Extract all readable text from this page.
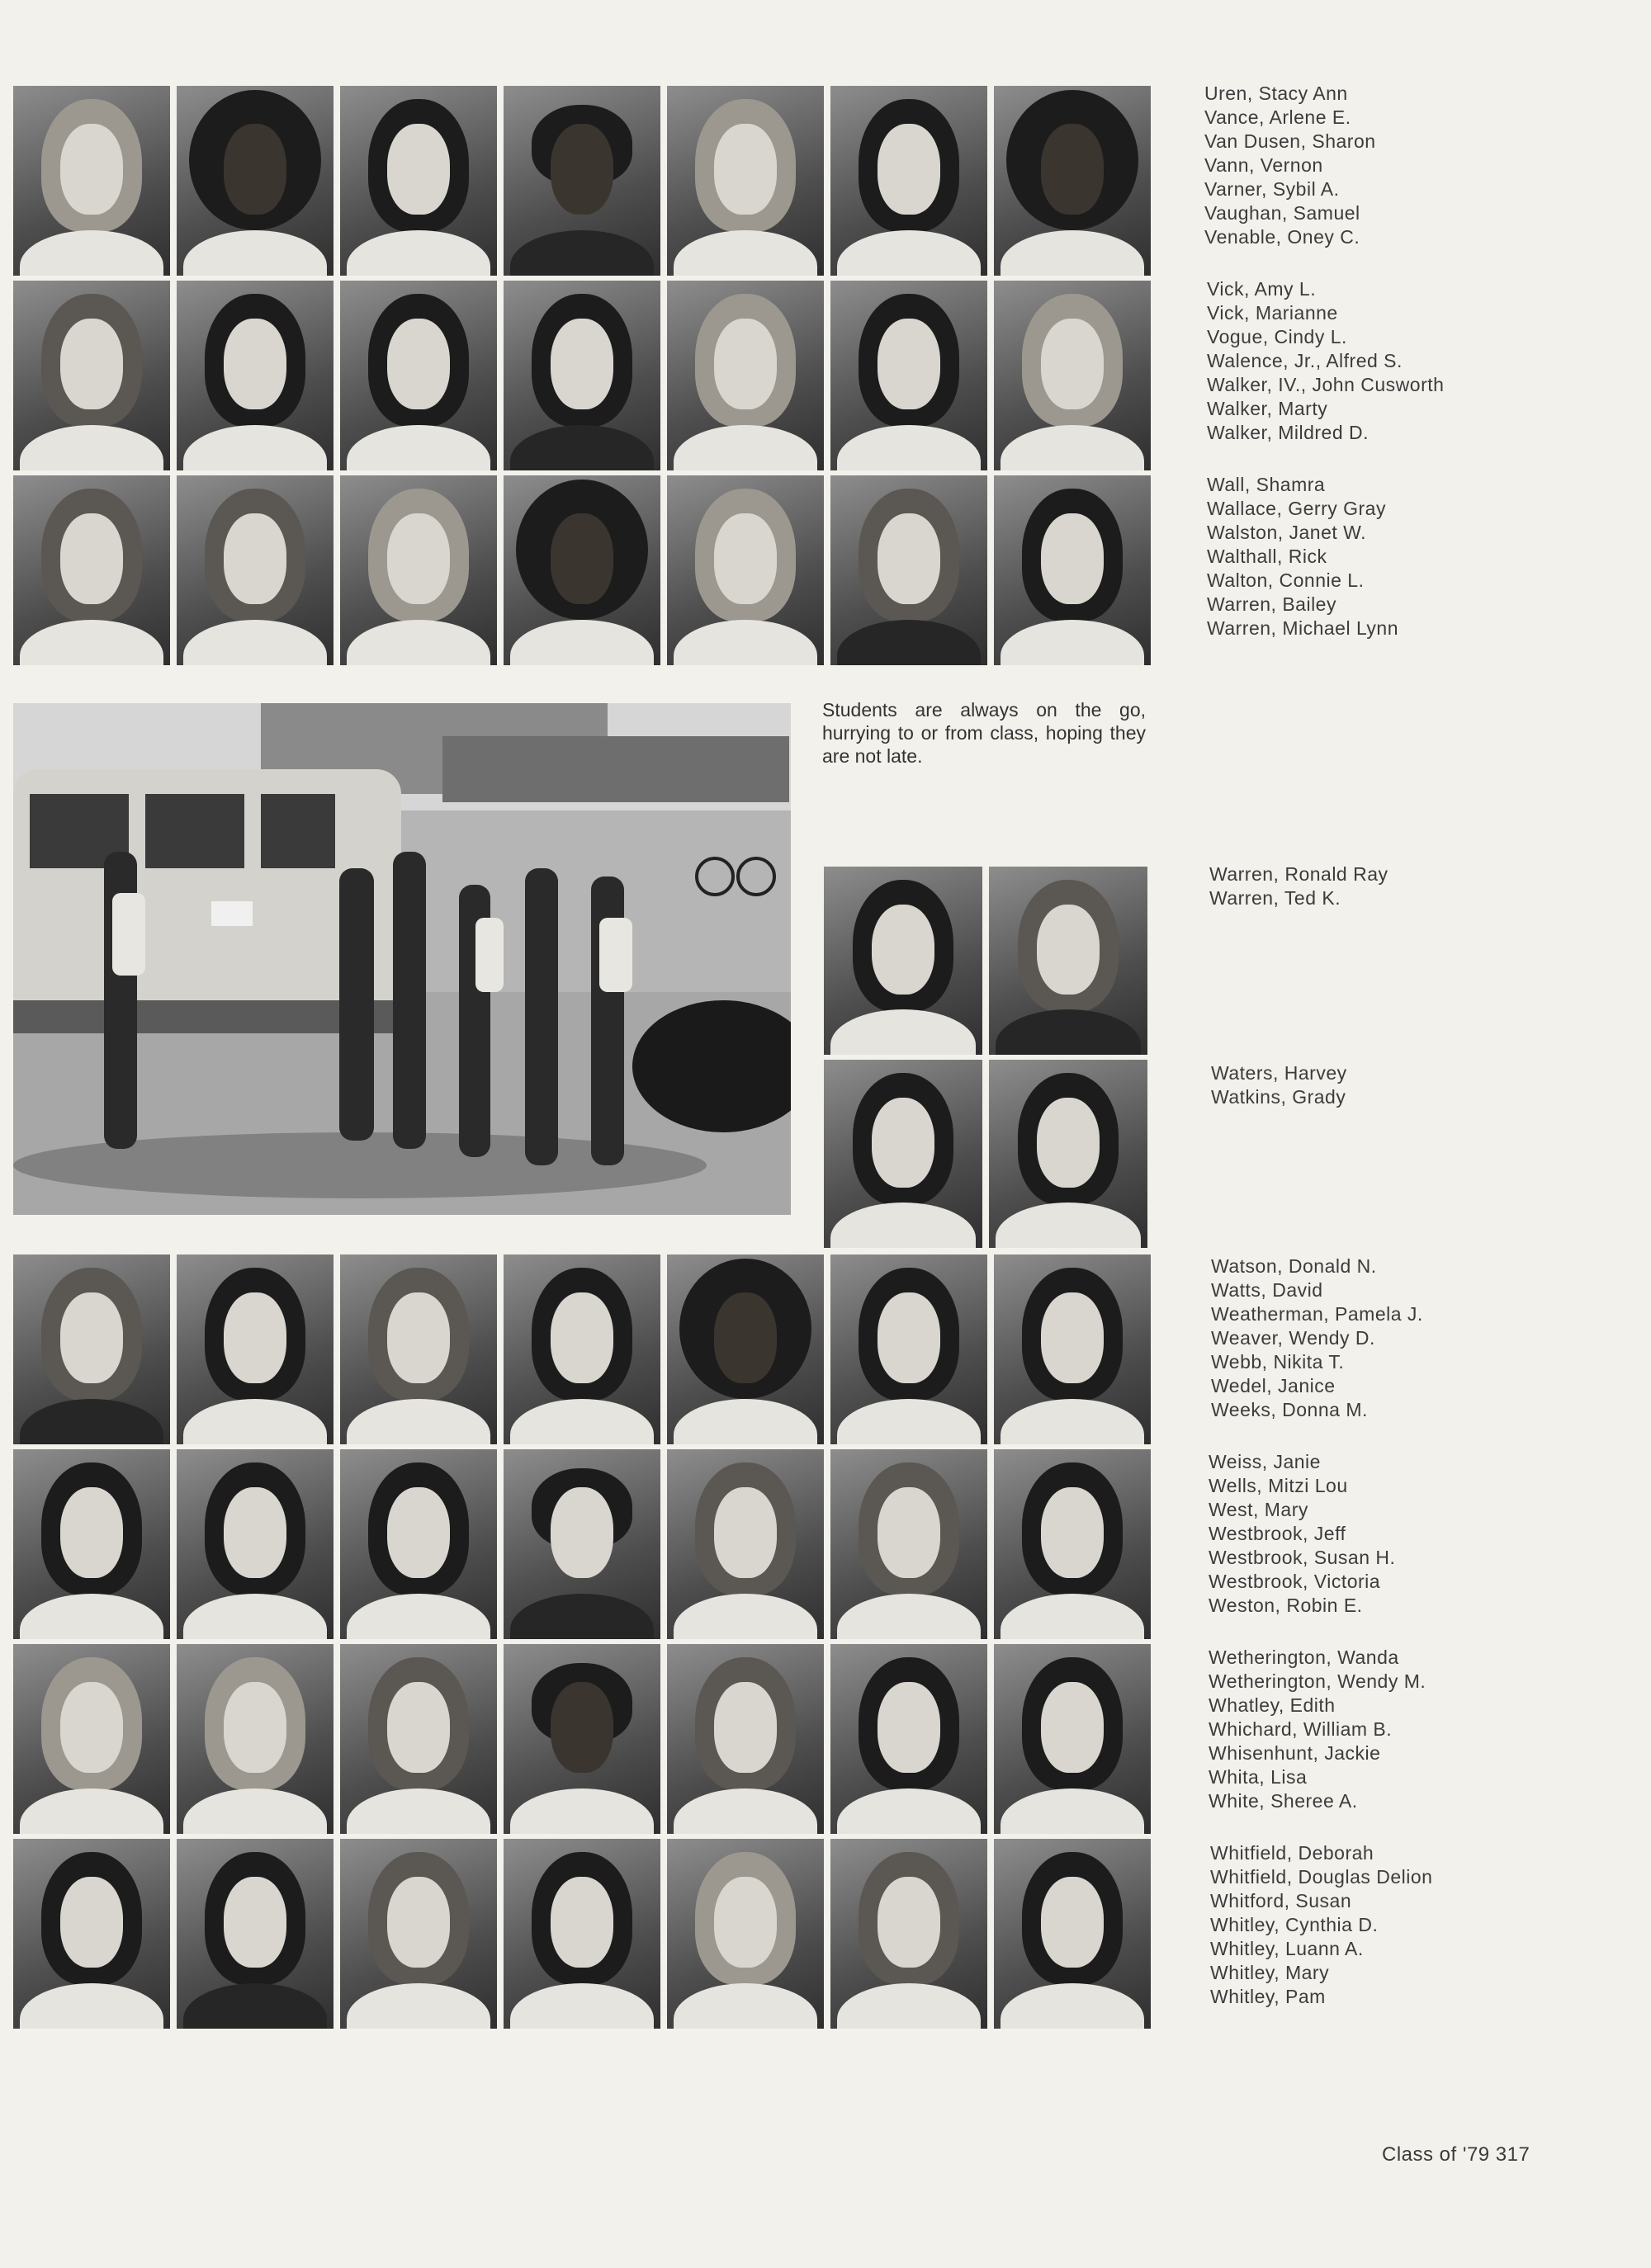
Students are always on the go, hurrying to or from class, hoping they are not late.
Uren, Stacy Ann
Vance, Arlene E.
Van Dusen, Sharon
Vann, Vernon
Varner, Sybil A.
Vaughan, Samuel
Venable, Oney C.
Vick, Amy L.
Vick, Marianne
Vogue, Cindy L.
Walence, Jr., Alfred S.
Walker, IV., John Cusworth
Walker, Marty
Walker, Mildred D.
Wall, Shamra
Wallace, Gerry Gray
Walston, Janet W.
Walthall, Rick
Walton, Connie L.
Warren, Bailey
Warren, Michael Lynn
Warren, Ronald Ray
Warren, Ted K.
Waters, Harvey
Watkins, Grady
Watson, Donald N.
Watts, David
Weatherman, Pamela J.
Weaver, Wendy D.
Webb, Nikita T.
Wedel, Janice
Weeks, Donna M.
Weiss, Janie
Wells, Mitzi Lou
West, Mary
Westbrook, Jeff
Westbrook, Susan H.
Westbrook, Victoria
Weston, Robin E.
Wetherington, Wanda
Wetherington, Wendy M.
Whatley, Edith
Whichard, William B.
Whisenhunt, Jackie
Whita, Lisa
White, Sheree A.
Whitfield, Deborah
Whitfield, Douglas Delion
Whitford, Susan
Whitley, Cynthia D.
Whitley, Luann A.
Whitley, Mary
Whitley, Pam
Class of '79 317
